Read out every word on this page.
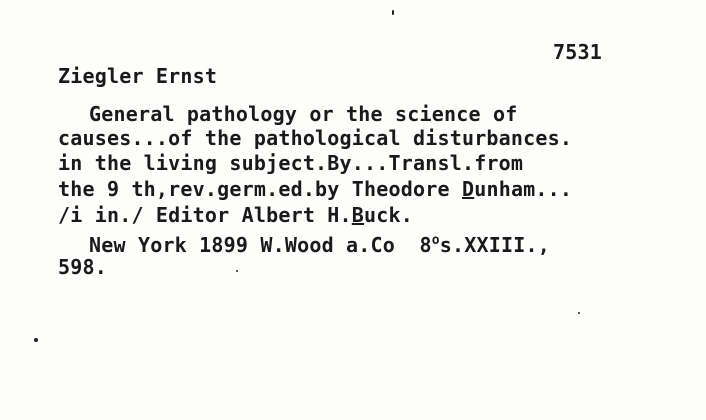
7531
Ziegler Ernst
General pathology or the science of
causes...of the pathological disturbances.
in the living subject.By...Transl.from
the 9 th,rev.germ.ed.by Theodore Dunham...
/i in./ Editor Albert H.Buck.
New York 1899 W.Wood a.Co  8$^o$s.XXIII.,
598.
